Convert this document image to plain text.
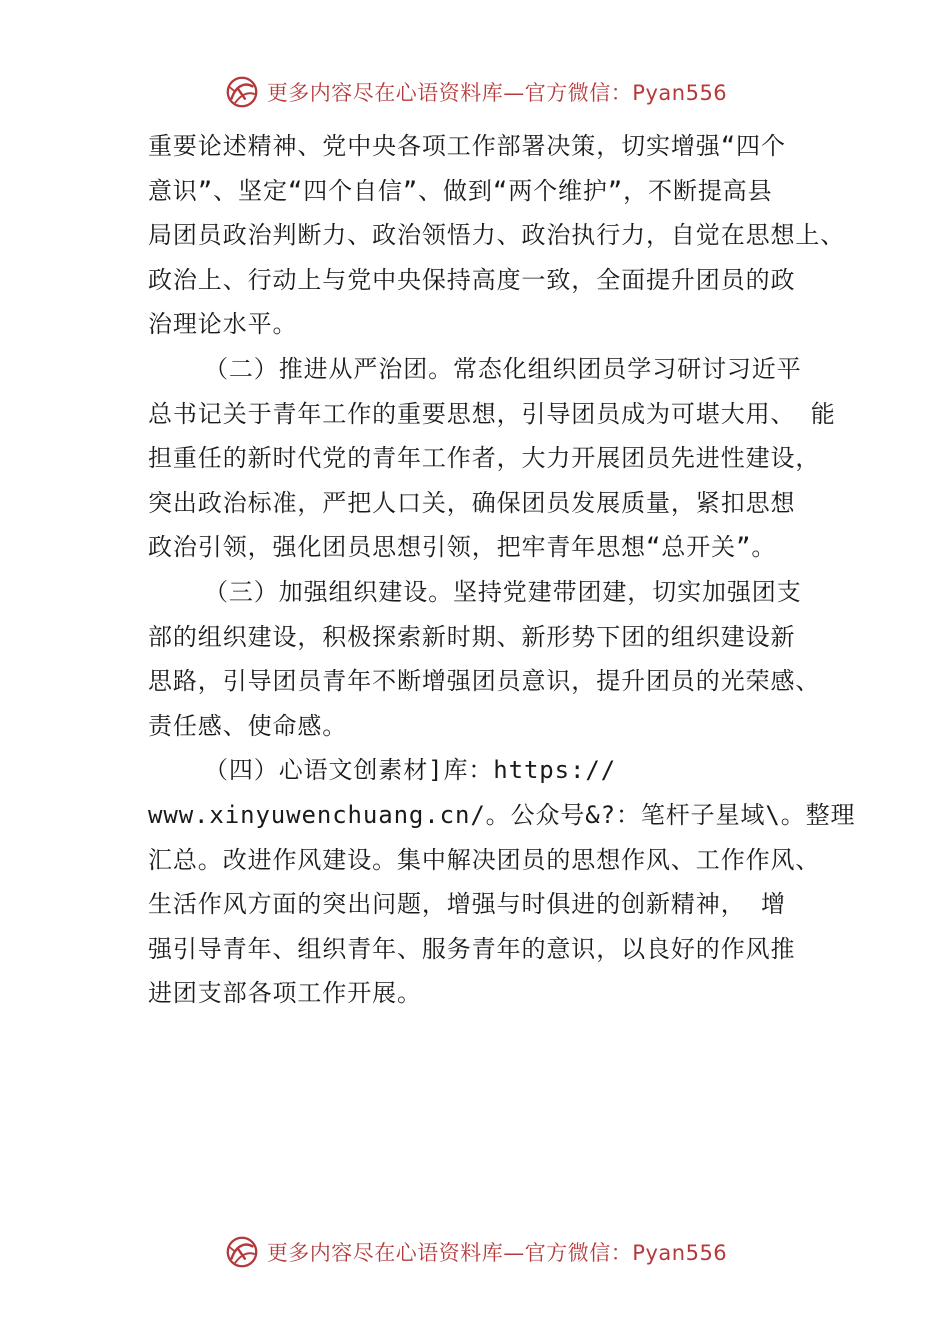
更多内容尽在心语资料库—官方微信：Pyan556
重要论述精神、党中央各项工作部署决策，切实增强“四个
意识”、坚定“四个自信”、做到“两个维护”，不断提高县
局团员政治判断力、政治领悟力、政治执行力，自觉在思想上、
政治上、行动上与党中央保持高度一致，全面提升团员的政
治理论水平。
（二）推进从严治团。常态化组织团员学习研讨习近平
总书记关于青年工作的重要思想，引导团员成为可堪大用、 能
担重任的新时代党的青年工作者，大力开展团员先进性建设，
突出政治标准，严把人口关，确保团员发展质量，紧扣思想
政治引领，强化团员思想引领，把牢青年思想“总开关”。
（三）加强组织建设。坚持党建带团建，切实加强团支
部的组织建设，积极探索新时期、新形势下团的组织建设新
思路，引导团员青年不断增强团员意识，提升团员的光荣感、
责任感、使命感。
（四）心语文创素材]库：https://
www.xinyuwenchuang.cn/。公众号&?：笔杆子星域\。整理
汇总。改进作风建设。集中解决团员的思想作风、工作作风、
生活作风方面的突出问题，增强与时俱进的创新精神， 增
强引导青年、组织青年、服务青年的意识，以良好的作风推
进团支部各项工作开展。
更多内容尽在心语资料库—官方微信：Pyan556
